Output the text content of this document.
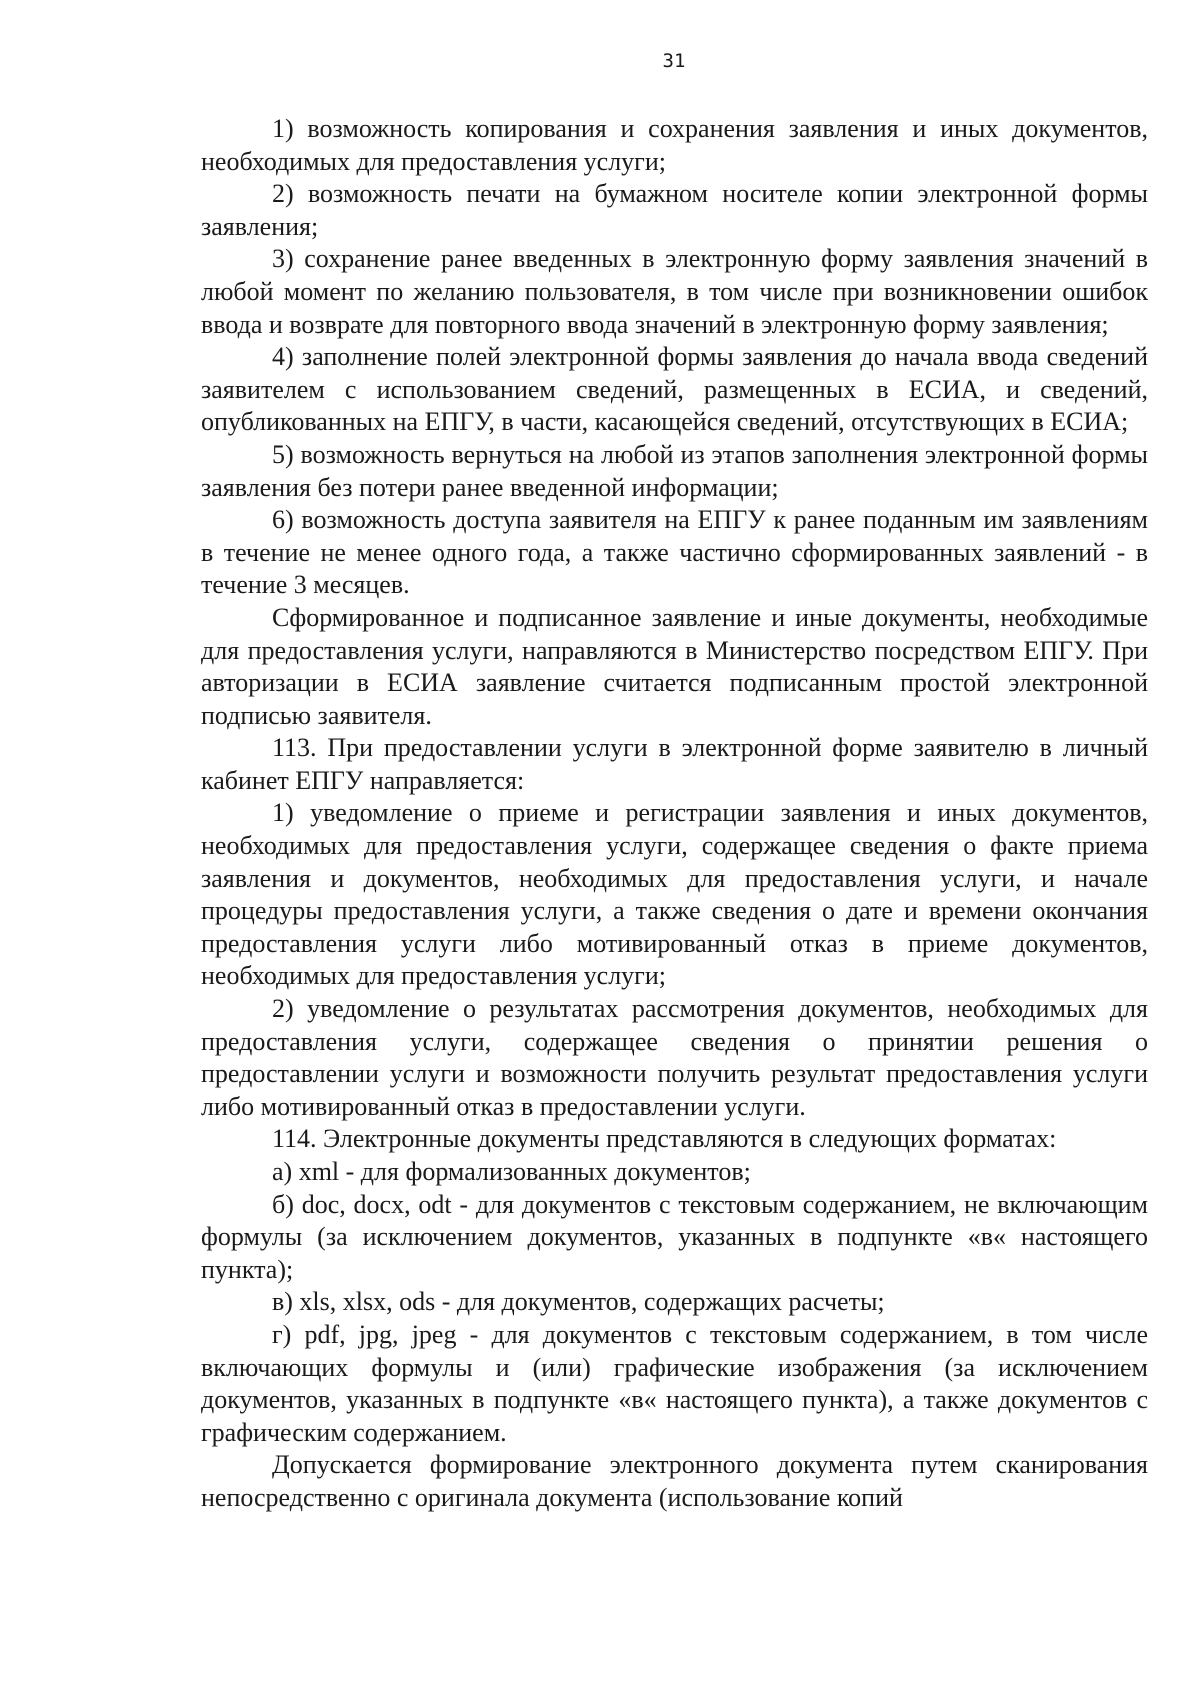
31

1) возможность копирования и сохранения заявления и иных документов, необходимых для предоставления услуги;

2) возможность печати на бумажном носителе копии электронной формы заявления;

3) сохранение ранее введенных в электронную форму заявления значений в любой момент по желанию пользователя, в том числе при возникновении ошибок ввода и возврате для повторного ввода значений в электронную форму заявления;

4) заполнение полей электронной формы заявления до начала ввода сведений заявителем с использованием сведений, размещенных в ЕСИА, и сведений, опубликованных на ЕПГУ, в части, касающейся сведений, отсутствующих в ЕСИА;

5) возможность вернуться на любой из этапов заполнения электронной формы заявления без потери ранее введенной информации;

6) возможность доступа заявителя на ЕПГУ к ранее поданным им заявлениям в течение не менее одного года, а также частично сформированных заявлений - в течение 3 месяцев.

Сформированное и подписанное заявление и иные документы, необходимые для предоставления услуги, направляются в Министерство посредством ЕПГУ. При авторизации в ЕСИА заявление считается подписанным простой электронной подписью заявителя.

113. При предоставлении услуги в электронной форме заявителю в личный кабинет ЕПГУ направляется:

1) уведомление о приеме и регистрации заявления и иных документов, необходимых для предоставления услуги, содержащее сведения о факте приема заявления и документов, необходимых для предоставления услуги, и начале процедуры предоставления услуги, а также сведения о дате и времени окончания предоставления услуги либо мотивированный отказ в приеме документов, необходимых для предоставления услуги;

2) уведомление о результатах рассмотрения документов, необходимых для предоставления услуги, содержащее сведения о принятии решения о предоставлении услуги и возможности получить результат предоставления услуги либо мотивированный отказ в предоставлении услуги.

114. Электронные документы представляются в следующих форматах:

а) xml - для формализованных документов;

б) doc, docx, odt - для документов с текстовым содержанием, не включающим формулы (за исключением документов, указанных в подпункте «в« настоящего пункта);

в) xls, xlsx, ods - для документов, содержащих расчеты;

г) pdf, jpg, jpeg - для документов с текстовым содержанием, в том числе включающих формулы и (или) графические изображения (за исключением документов, указанных в подпункте «в« настоящего пункта), а также документов с графическим содержанием.

Допускается формирование электронного документа путем сканирования непосредственно с оригинала документа (использование копий
